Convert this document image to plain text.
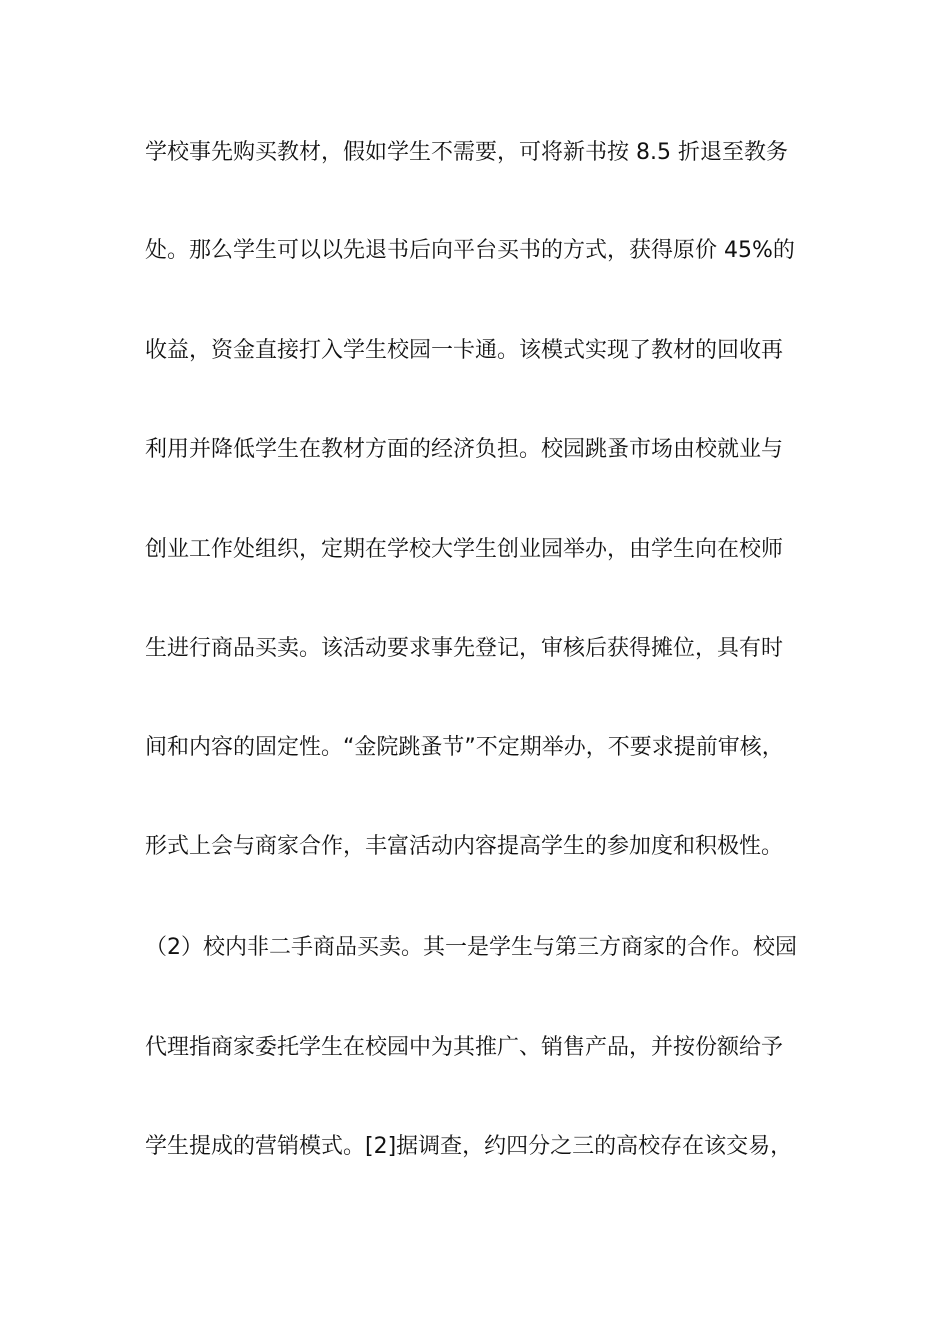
学校事先购买教材，假如学生不需要，可将新书按 8.5 折退至教务
处。那么学生可以以先退书后向平台买书的方式，获得原价 45%的
收益，资金直接打入学生校园一卡通。该模式实现了教材的回收再
利用并降低学生在教材方面的经济负担。校园跳蚤市场由校就业与
创业工作处组织，定期在学校大学生创业园举办，由学生向在校师
生进行商品买卖。该活动要求事先登记，审核后获得摊位，具有时
间和内容的固定性。“金院跳蚤节”不定期举办，不要求提前审核，
形式上会与商家合作，丰富活动内容提高学生的参加度和积极性。
（2）校内非二手商品买卖。其一是学生与第三方商家的合作。校园
代理指商家委托学生在校园中为其推广、销售产品，并按份额给予
学生提成的营销模式。[2]据调查，约四分之三的高校存在该交易，
